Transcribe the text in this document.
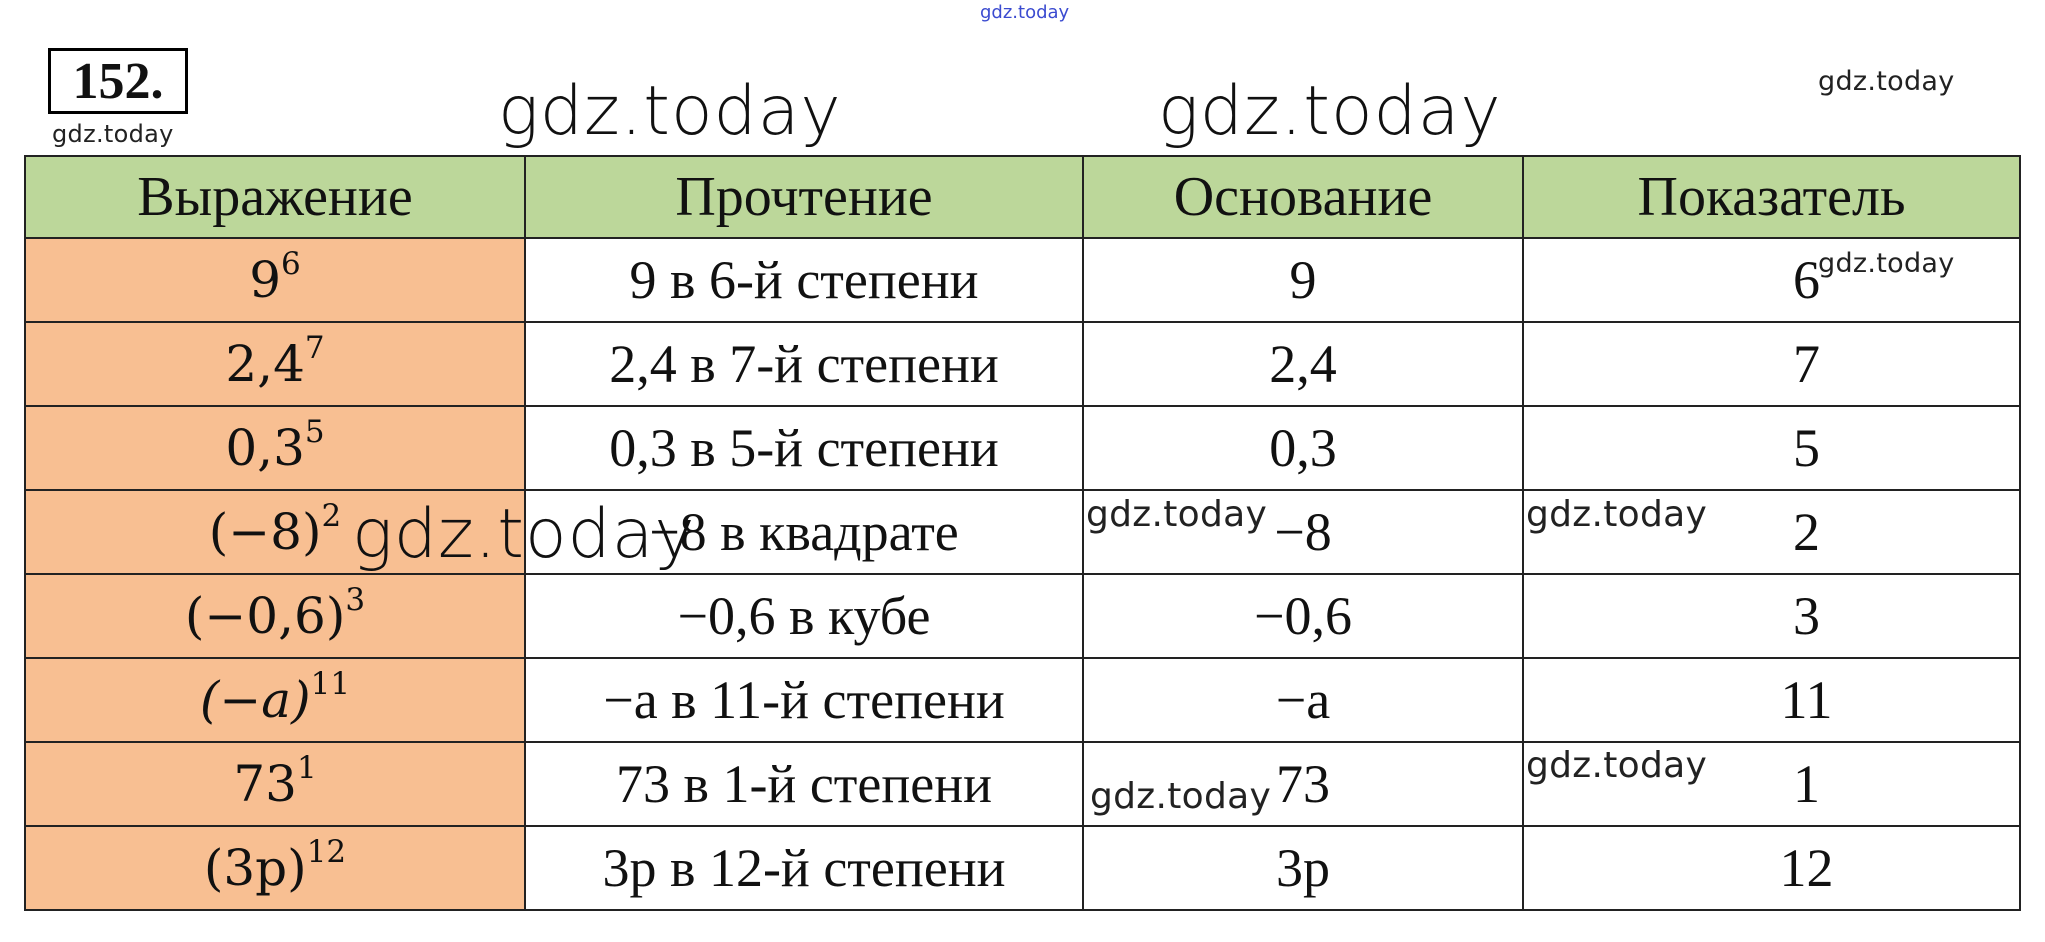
gdz.today
152.
gdz.today	gdz.today	gdz.today	gdz.today
Выражение	Прочтение	Основание	Показатель
$9^6$	9 в 6-й степени	9	6
$2,4^7$	2,4 в 7-й степени	2,4	7
$0,3^5$	0,3 в 5-й степени	0,3	5
$(-8)^2$	−8 в квадрате	−8	2
$(-0,6)^3$	−0,6 в кубе	−0,6	3
$(-a)^{11}$	−a в 11-й степени	−a	11
$73^1$	73 в 1-й степени	73	1
$(3p)^{12}$	3p в 12-й степени	3p	12
gdz.today
gdz.today	gdz.today	gdz.today
gdz.today
gdz.today
